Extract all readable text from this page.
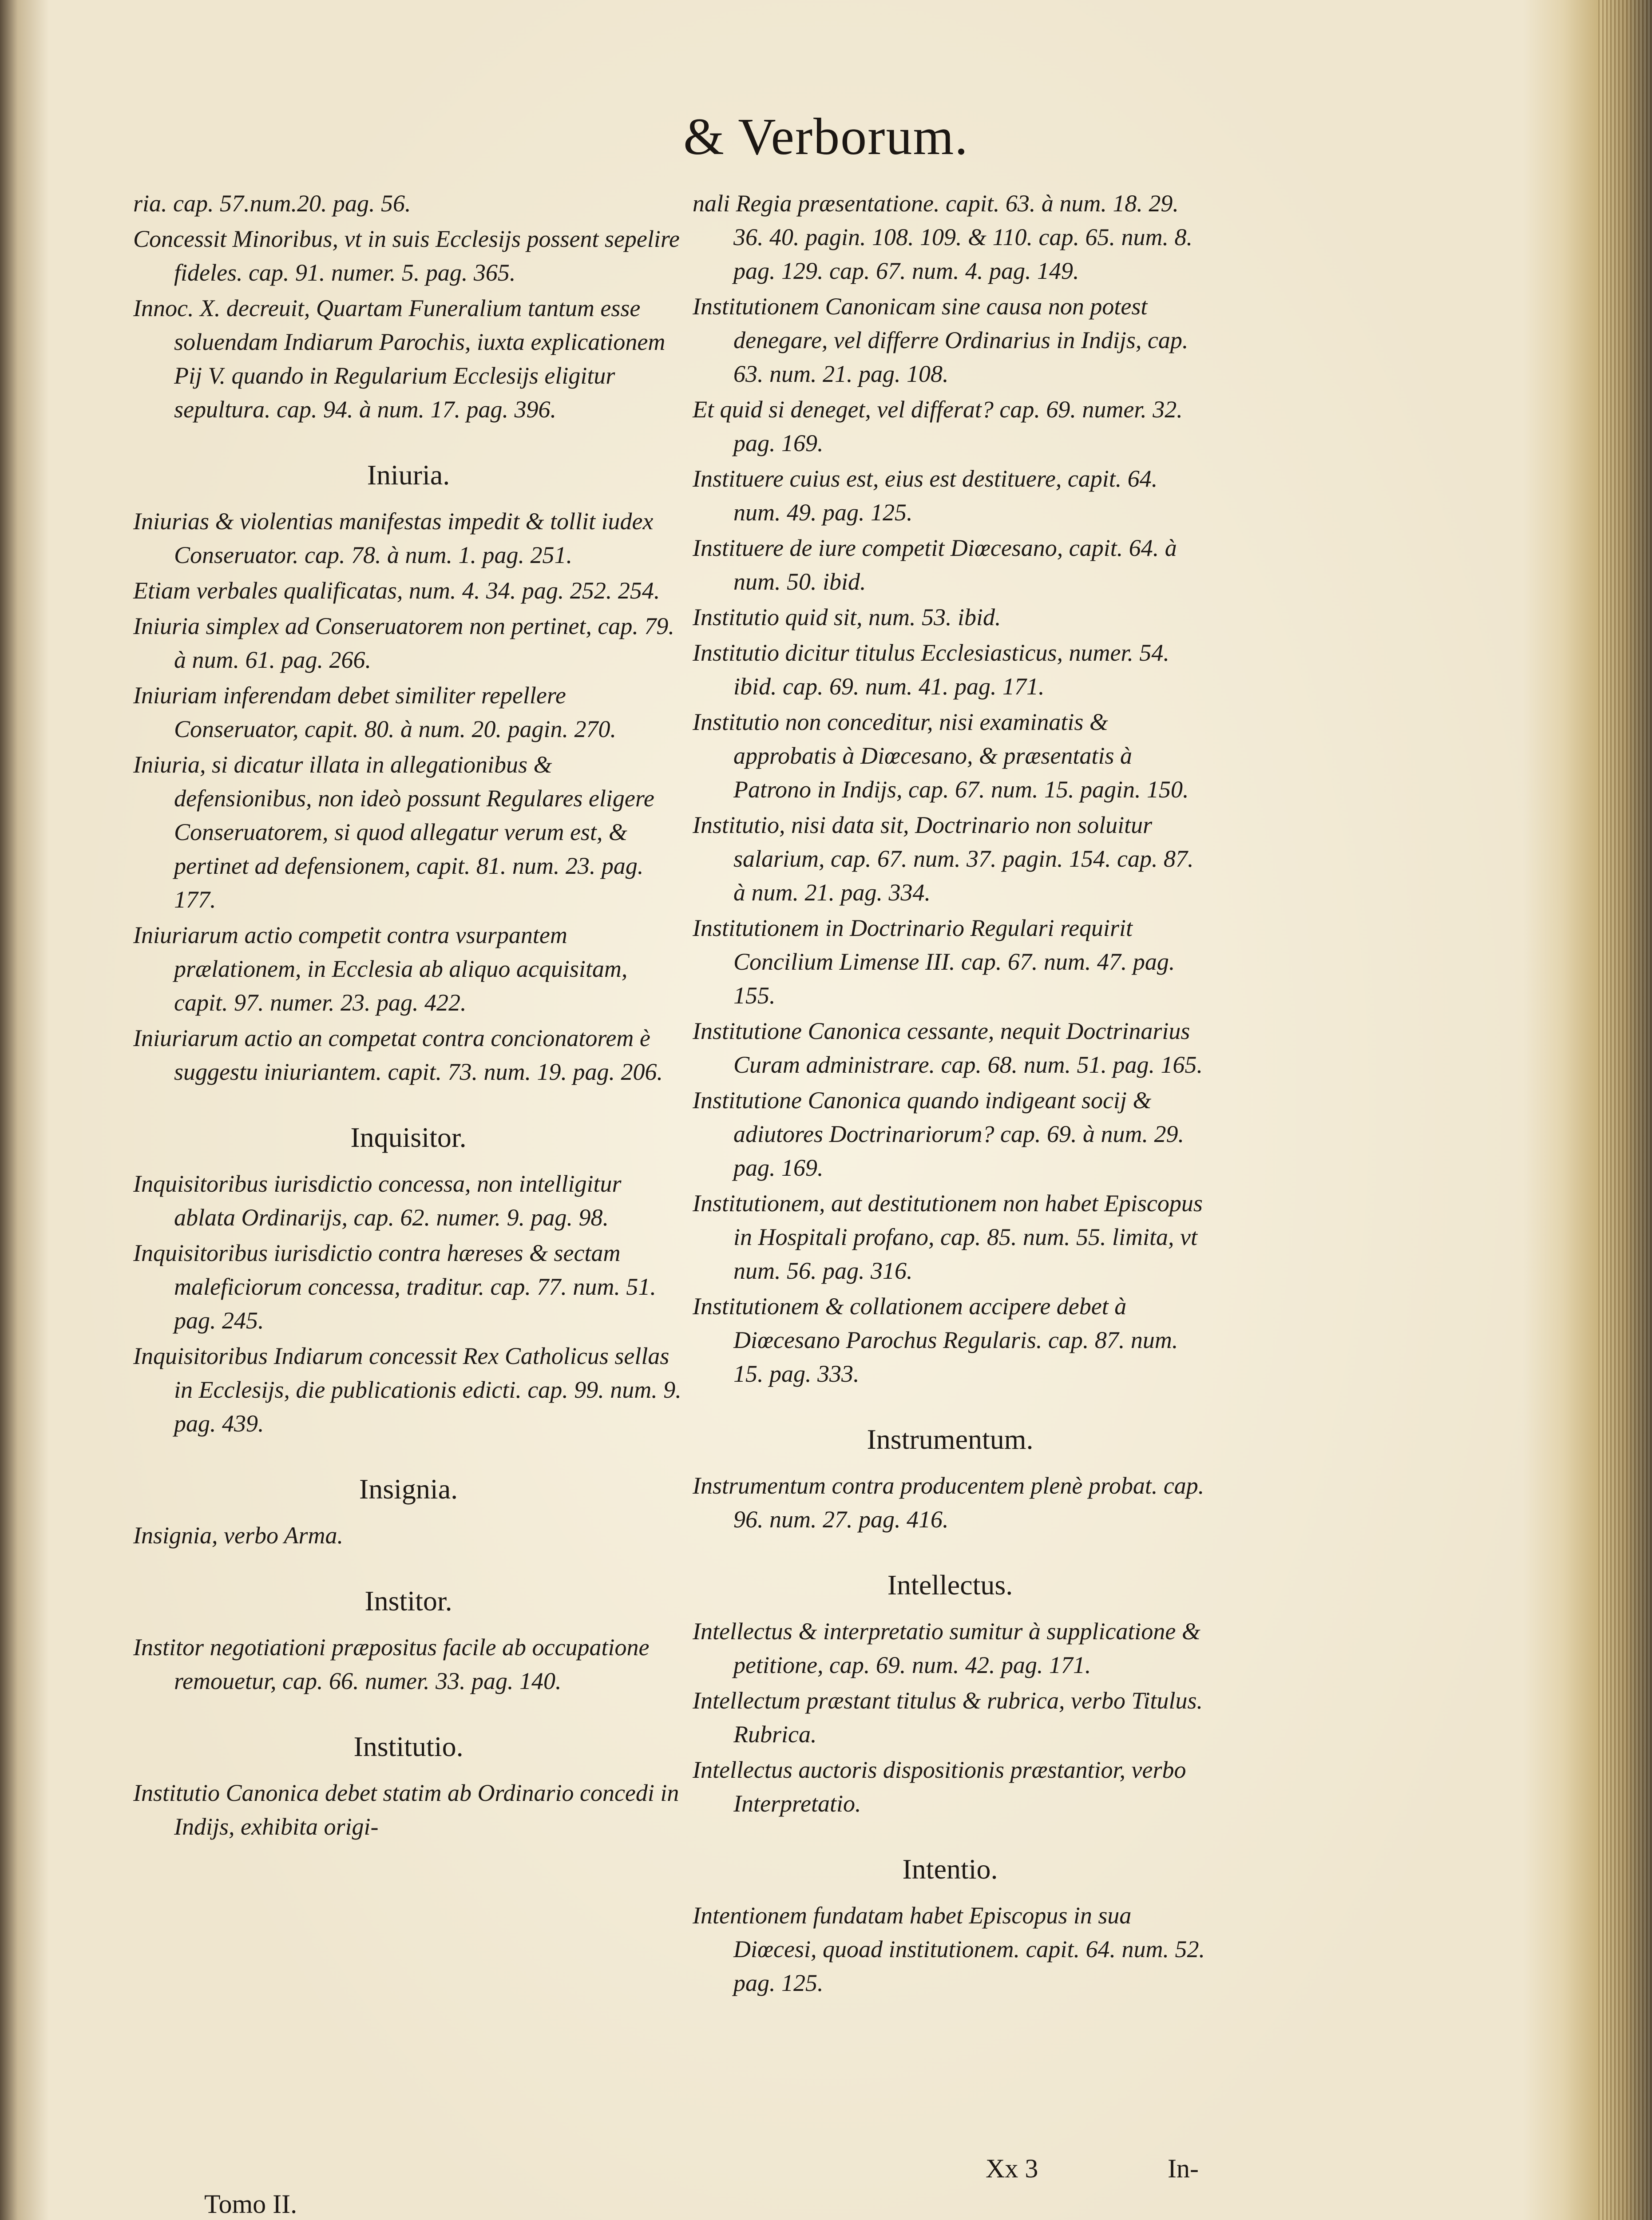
& Verborum.
ria. cap. 57.num.20. pag. 56.
Concessit Minoribus, vt in suis Ecclesijs possent sepelire fideles. cap. 91. numer. 5. pag. 365.
Innoc. X. decreuit, Quartam Funeralium tantum esse soluendam Indiarum Parochis, iuxta explicationem Pij V. quando in Regularium Ecclesijs eligitur sepultura. cap. 94. à num. 17. pag. 396.
Iniuria.
Iniurias & violentias manifestas impedit & tollit iudex Conseruator. cap. 78. à num. 1. pag. 251.
Etiam verbales qualificatas, num. 4. 34. pag. 252. 254.
Iniuria simplex ad Conseruatorem non pertinet, cap. 79. à num. 61. pag. 266.
Iniuriam inferendam debet similiter repellere Conseruator, capit. 80. à num. 20. pagin. 270.
Iniuria, si dicatur illata in allegationibus & defensionibus, non ideò possunt Regulares eligere Conseruatorem, si quod allegatur verum est, & pertinet ad defensionem, capit. 81. num. 23. pag. 177.
Iniuriarum actio competit contra vsurpantem prælationem, in Ecclesia ab aliquo acquisitam, capit. 97. numer. 23. pag. 422.
Iniuriarum actio an competat contra concionatorem è suggestu iniuriantem. capit. 73. num. 19. pag. 206.
Inquisitor.
Inquisitoribus iurisdictio concessa, non intelligitur ablata Ordinarijs, cap. 62. numer. 9. pag. 98.
Inquisitoribus iurisdictio contra hæreses & sectam maleficiorum concessa, traditur. cap. 77. num. 51. pag. 245.
Inquisitoribus Indiarum concessit Rex Catholicus sellas in Ecclesijs, die publicationis edicti. cap. 99. num. 9. pag. 439.
Insignia.
Insignia, verbo Arma.
Institor.
Institor negotiationi præpositus facile ab occupatione remouetur, cap. 66. numer. 33. pag. 140.
Institutio.
Institutio Canonica debet statim ab Ordinario concedi in Indijs, exhibita origi-
nali Regia præsentatione. capit. 63. à num. 18. 29. 36. 40. pagin. 108. 109. & 110. cap. 65. num. 8. pag. 129. cap. 67. num. 4. pag. 149.
Institutionem Canonicam sine causa non potest denegare, vel differre Ordinarius in Indijs, cap. 63. num. 21. pag. 108.
Et quid si deneget, vel differat? cap. 69. numer. 32. pag. 169.
Instituere cuius est, eius est destituere, capit. 64. num. 49. pag. 125.
Instituere de iure competit Diœcesano, capit. 64. à num. 50. ibid.
Institutio quid sit, num. 53. ibid.
Institutio dicitur titulus Ecclesiasticus, numer. 54. ibid. cap. 69. num. 41. pag. 171.
Institutio non conceditur, nisi examinatis & approbatis à Diœcesano, & præsentatis à Patrono in Indijs, cap. 67. num. 15. pagin. 150.
Institutio, nisi data sit, Doctrinario non soluitur salarium, cap. 67. num. 37. pagin. 154. cap. 87. à num. 21. pag. 334.
Institutionem in Doctrinario Regulari requirit Concilium Limense III. cap. 67. num. 47. pag. 155.
Institutione Canonica cessante, nequit Doctrinarius Curam administrare. cap. 68. num. 51. pag. 165.
Institutione Canonica quando indigeant socij & adiutores Doctrinariorum? cap. 69. à num. 29. pag. 169.
Institutionem, aut destitutionem non habet Episcopus in Hospitali profano, cap. 85. num. 55. limita, vt num. 56. pag. 316.
Institutionem & collationem accipere debet à Diœcesano Parochus Regularis. cap. 87. num. 15. pag. 333.
Instrumentum.
Instrumentum contra producentem plenè probat. cap. 96. num. 27. pag. 416.
Intellectus.
Intellectus & interpretatio sumitur à supplicatione & petitione, cap. 69. num. 42. pag. 171.
Intellectum præstant titulus & rubrica, verbo Titulus. Rubrica.
Intellectus auctoris dispositionis præstantior, verbo Interpretatio.
Intentio.
Intentionem fundatam habet Episcopus in sua Diœcesi, quoad institutionem. capit. 64. num. 52. pag. 125.
Tomo II.
Xx 3	In-
